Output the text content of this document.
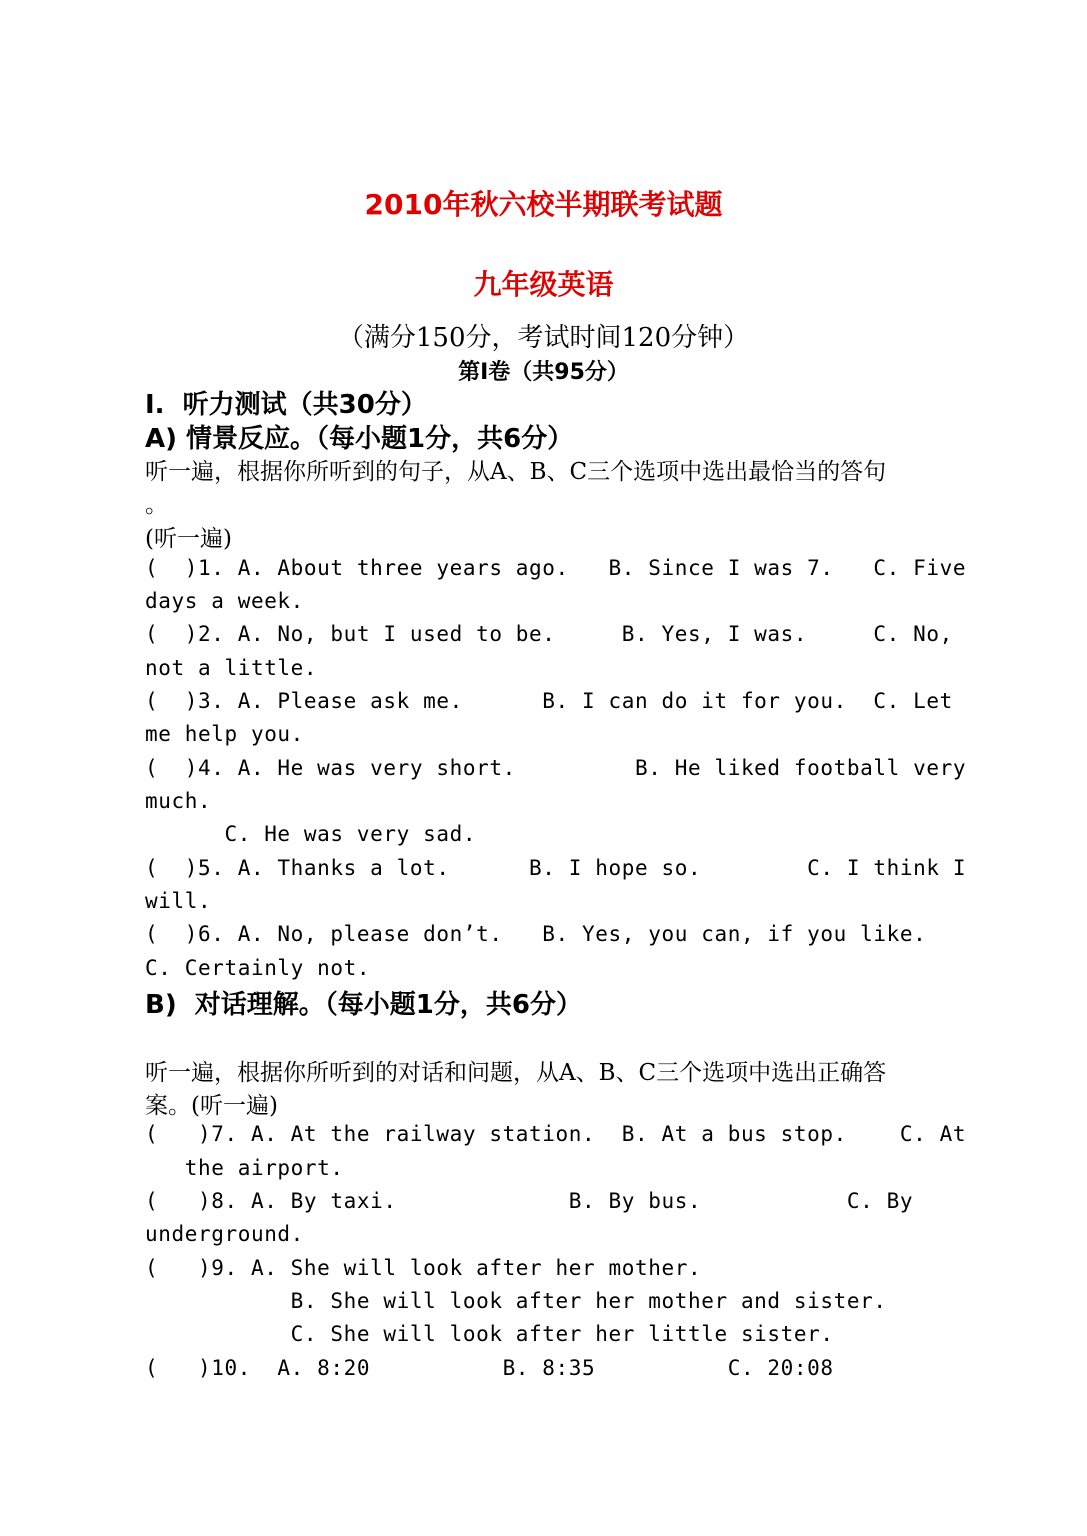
2010年秋六校半期联考试题
九年级英语
（满分150分，考试时间120分钟）
第Ⅰ卷（共95分）
I.  听力测试（共30分）
A) 情景反应。（每小题1分，共6分）
听一遍，根据你所听到的句子，从A、B、C三个选项中选出最恰当的答句
。
(听一遍)
(  )1. A. About three years ago.   B. Since I was 7.   C. Five
days a week.
(  )2. A. No, but I used to be.     B. Yes, I was.     C. No,
not a little.
(  )3. A. Please ask me.      B. I can do it for you.  C. Let
me help you.
(  )4. A. He was very short.         B. He liked football very
much.
C. He was very sad.
(  )5. A. Thanks a lot.      B. I hope so.        C. I think I
will.
(  )6. A. No, please don’t.   B. Yes, you can, if you like.
C. Certainly not.
B)  对话理解。（每小题1分，共6分）
听一遍，根据你所听到的对话和问题，从A、B、C三个选项中选出正确答
案。(听一遍)
(   )7. A. At the railway station.  B. At a bus stop.    C. At
the airport.
(   )8. A. By taxi.             B. By bus.           C. By
underground.
(   )9. A. She will look after her mother.
B. She will look after her mother and sister.
C. She will look after her little sister.
(   )10.  A. 8:20          B. 8:35          C. 20:08
